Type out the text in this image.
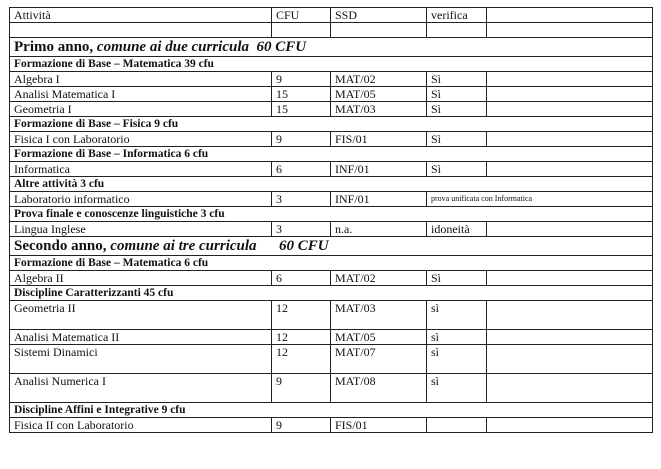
Attività	CFU	SSD	verifica	

Primo anno, comune ai due curricula  60 CFU				
Formazione di Base – Matematica 39 cfu				
Algebra I	9	MAT/02	Sì	
Analisi Matematica I	15	MAT/05	Sì	
Geometria I	15	MAT/03	Sì	
Formazione di Base – Fisica 9 cfu				
Fisica I con Laboratorio	9	FIS/01	Sì	
Formazione di Base – Informatica 6 cfu				
Informatica	6	INF/01	Sì	
Altre attività 3 cfu				
Laboratorio informatico	3	INF/01	prova unificata con Informatica	
Prova finale e conoscenze linguistiche 3 cfu				
Lingua Inglese	3	n.a.	idoneità	
Secondo anno, comune ai tre curricula      60 CFU				
Formazione di Base – Matematica 6 cfu				
Algebra II	6	MAT/02	Sì	
Discipline Caratterizzanti 45 cfu				
Geometria II	12	MAT/03	sì	
Analisi Matematica II	12	MAT/05	sì	
Sistemi Dinamici	12	MAT/07	sì	
Analisi Numerica I	9	MAT/08	sì	
Discipline Affini e Integrative 9 cfu				
Fisica II con Laboratorio	9	FIS/01		
